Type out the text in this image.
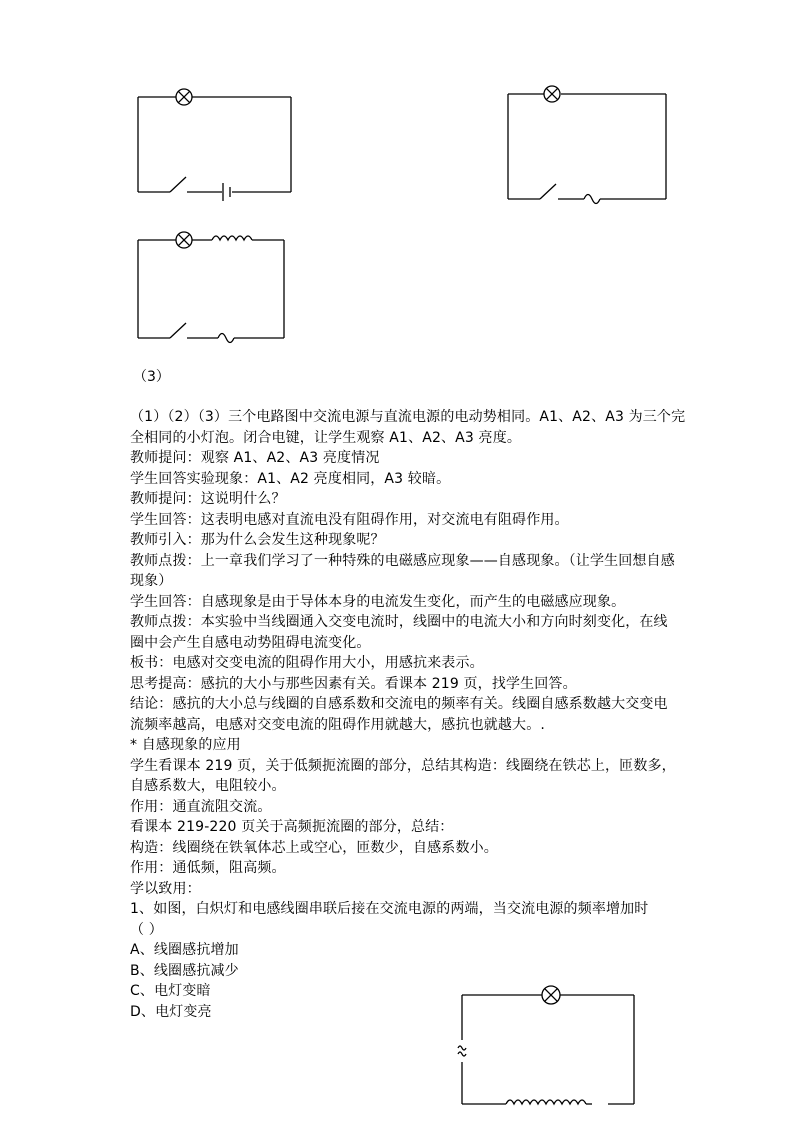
（3）
（1）（2）（3）三个电路图中交流电源与直流电源的电动势相同。A1、A2、A3 为三个完
全相同的小灯泡。闭合电键，让学生观察 A1、A2、A3 亮度。
教师提问：观察 A1、A2、A3 亮度情况
学生回答实验现象：A1、A2 亮度相同，A3 较暗。
教师提问：这说明什么？
学生回答：这表明电感对直流电没有阻碍作用，对交流电有阻碍作用。
教师引入：那为什么会发生这种现象呢？
教师点拨：上一章我们学习了一种特殊的电磁感应现象——自感现象。（让学生回想自感
现象）
学生回答：自感现象是由于导体本身的电流发生变化，而产生的电磁感应现象。
教师点拨：本实验中当线圈通入交变电流时，线圈中的电流大小和方向时刻变化，在线
圈中会产生自感电动势阻碍电流变化。
板书：电感对交变电流的阻碍作用大小，用感抗来表示。
思考提高：感抗的大小与那些因素有关。看课本 219 页，找学生回答。
结论：感抗的大小总与线圈的自感系数和交流电的频率有关。线圈自感系数越大交变电
流频率越高，电感对交变电流的阻碍作用就越大，感抗也就越大。.
* 自感现象的应用
学生看课本 219 页，关于低频扼流圈的部分，总结其构造：线圈绕在铁芯上，匝数多，
自感系数大，电阻较小。
作用：通直流阻交流。
看课本 219-220 页关于高频扼流圈的部分，总结：
构造：线圈绕在铁氧体芯上或空心，匝数少，自感系数小。
作用：通低频，阻高频。
学以致用：
1、如图，白炽灯和电感线圈串联后接在交流电源的两端，当交流电源的频率增加时
（ ）
A、线圈感抗增加
B、线圈感抗减少
C、电灯变暗
D、电灯变亮
